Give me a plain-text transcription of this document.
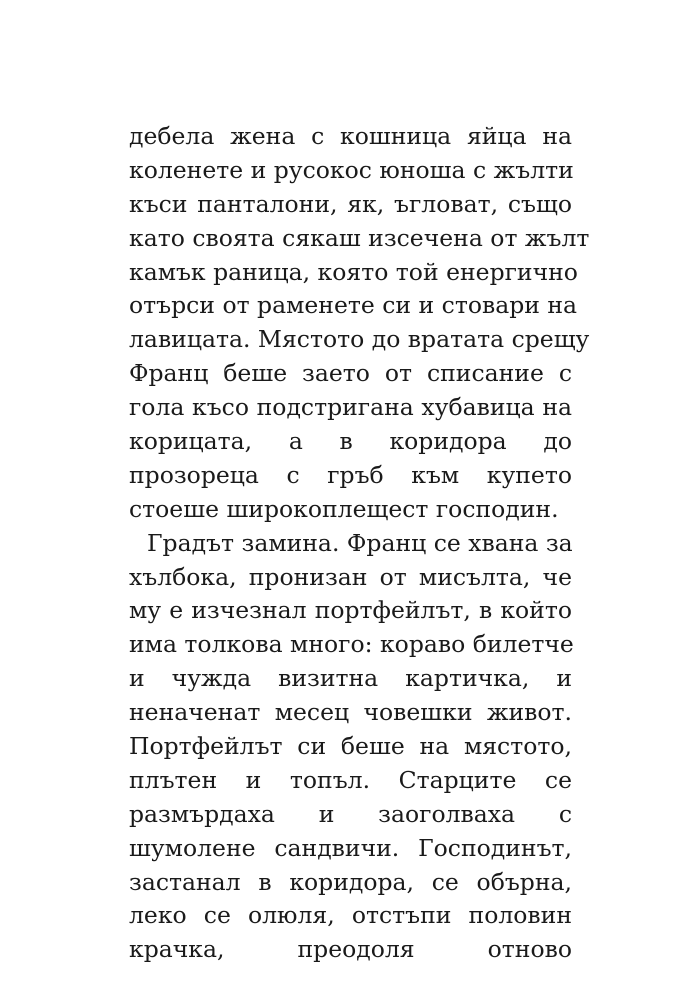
дебела жена с кошница яйца на
коленете и русокос юноша с жълти
къси панталони, як, ъгловат, също
като своята сякаш изсечена от жълт
камък раница, която той енергично
отърси от раменете си и стовари на
лавицата. Мястото до вратата срещу
Франц беше заето от списание с
гола късо подстригана хубавица на
корицата, а в коридора до
прозореца с гръб към купето
стоеше широкоплещест господин.
Градът замина. Франц се хвана за
хълбока, пронизан от мисълта, че
му е изчезнал портфейлът, в който
има толкова много: кораво билетче
и чужда визитна картичка, и
неначенат месец човешки живот.
Портфейлът си беше на мястото,
плътен и топъл. Старците се
размърдаха и заоголваха с
шумолене сандвичи. Господинът,
застанал в коридора, се обърна,
леко се олюля, отстъпи половин
крачка, преодоля отново
